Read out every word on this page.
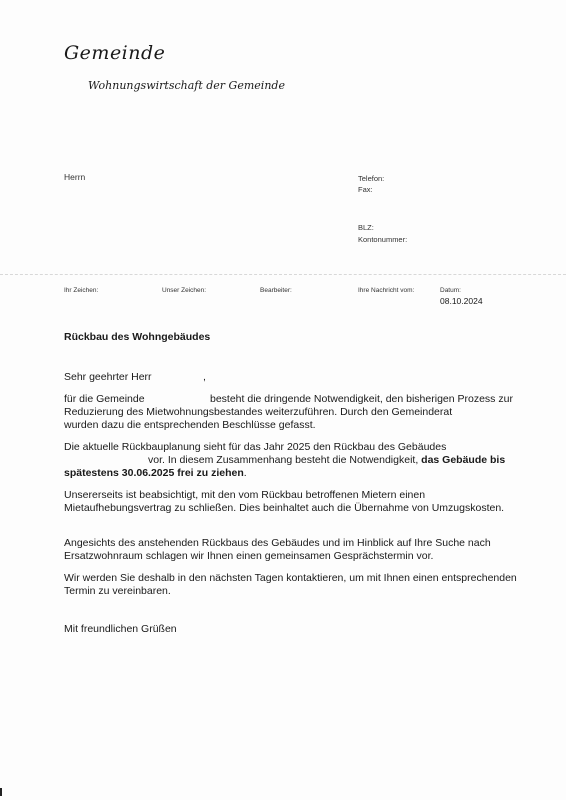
Gemeinde
Wohnungswirtschaft der Gemeinde
Herrn	Telefon:
Fax:
BLZ:
Kontonummer:
Ihr Zeichen:	Unser Zeichen:	Bearbeiter:	Ihre Nachricht vom:	Datum:
08.10.2024
Rückbau des Wohngebäudes
Sehr geehrter Herr	,
für die Gemeinde	besteht die dringende Notwendigkeit, den bisherigen Prozess zur
Reduzierung des Mietwohnungsbestandes weiterzuführen. Durch den Gemeinderat
wurden dazu die entsprechenden Beschlüsse gefasst.
Die aktuelle Rückbauplanung sieht für das Jahr 2025 den Rückbau des Gebäudes
vor. In diesem Zusammenhang besteht die Notwendigkeit, das Gebäude bis
spätestens 30.06.2025 frei zu ziehen.
Unsererseits ist beabsichtigt, mit den vom Rückbau betroffenen Mietern einen
Mietaufhebungsvertrag zu schließen. Dies beinhaltet auch die Übernahme von Umzugskosten.
Angesichts des anstehenden Rückbaus des Gebäudes und im Hinblick auf Ihre Suche nach
Ersatzwohnraum schlagen wir Ihnen einen gemeinsamen Gesprächstermin vor.
Wir werden Sie deshalb in den nächsten Tagen kontaktieren, um mit Ihnen einen entsprechenden
Termin zu vereinbaren.
Mit freundlichen Grüßen
